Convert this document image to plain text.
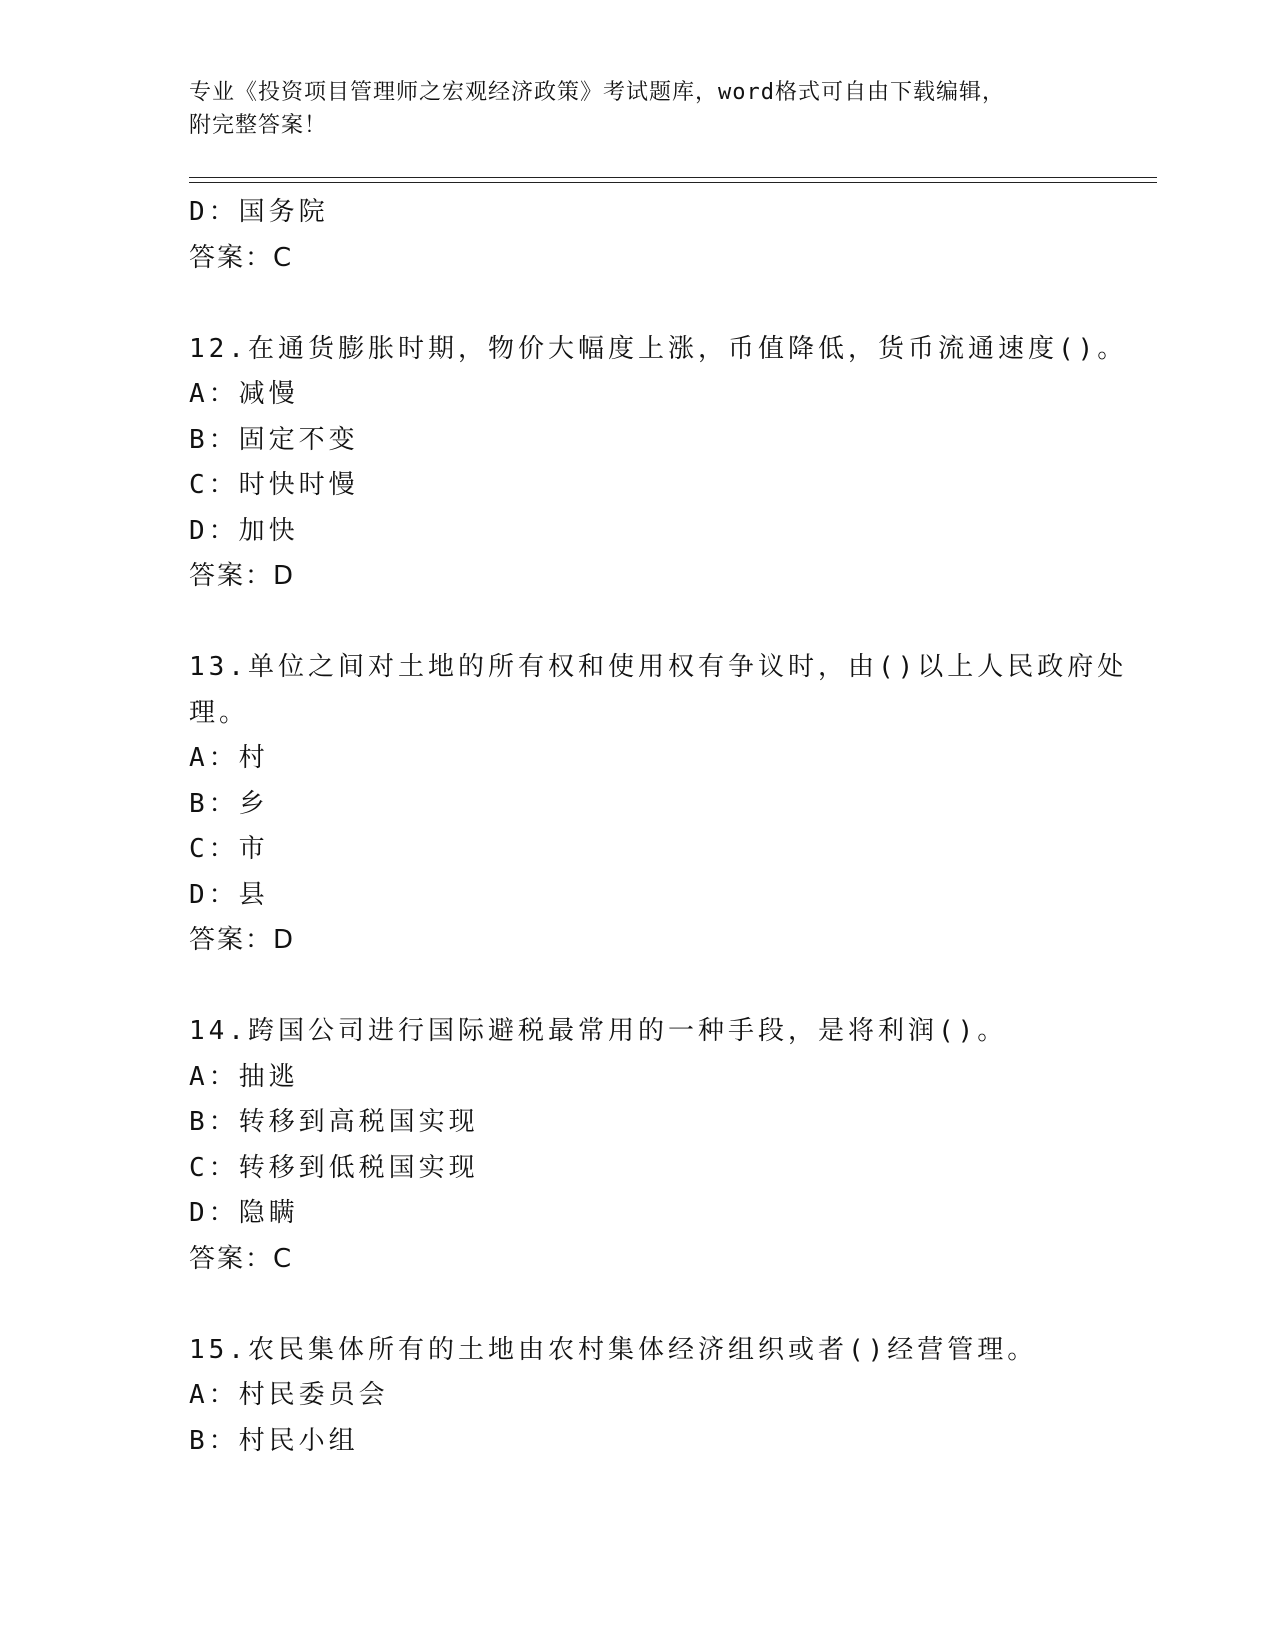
专业《投资项目管理师之宏观经济政策》考试题库，word格式可自由下载编辑，
附完整答案！
D：国务院
答案：C
12.在通货膨胀时期，物价大幅度上涨，币值降低，货币流通速度()。
A：减慢
B：固定不变
C：时快时慢
D：加快
答案：D
13.单位之间对土地的所有权和使用权有争议时，由()以上人民政府处
理。
A：村
B：乡
C：市
D：县
答案：D
14.跨国公司进行国际避税最常用的一种手段，是将利润()。
A：抽逃
B：转移到高税国实现
C：转移到低税国实现
D：隐瞒
答案：C
15.农民集体所有的土地由农村集体经济组织或者()经营管理。
A：村民委员会
B：村民小组
